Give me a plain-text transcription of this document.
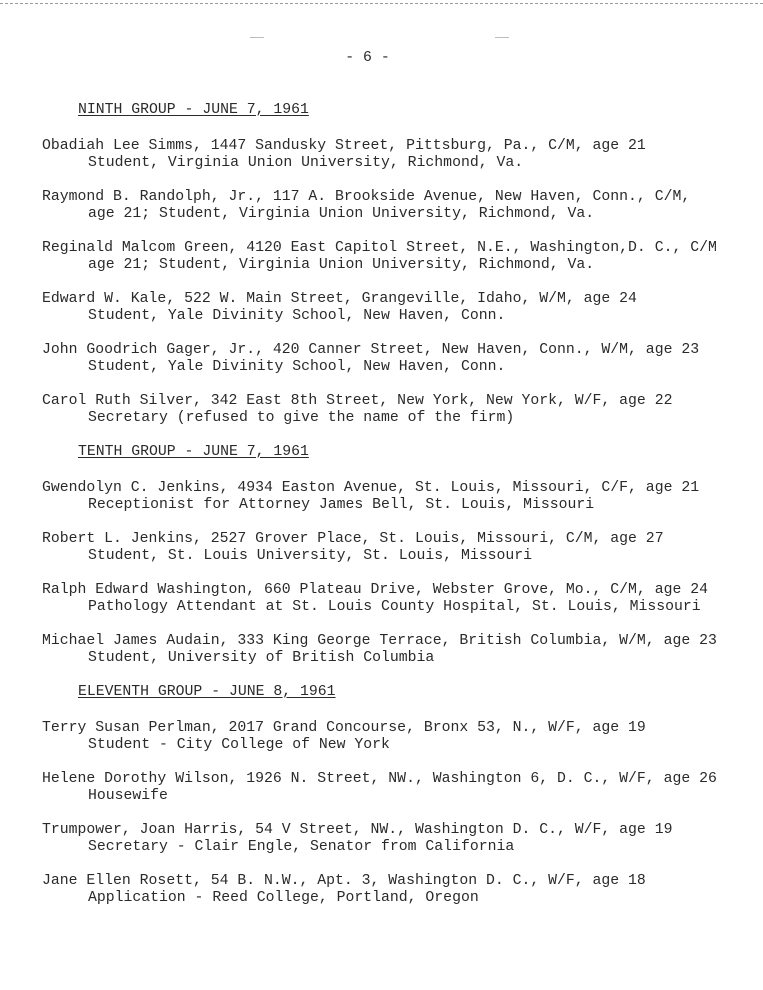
- 6 -
NINTH GROUP - JUNE 7, 1961
Obadiah Lee Simms, 1447 Sandusky Street, Pittsburg, Pa., C/M, age 21
Student, Virginia Union University, Richmond, Va.
Raymond B. Randolph, Jr., 117 A. Brookside Avenue, New Haven, Conn., C/M,
age 21; Student, Virginia Union University, Richmond, Va.
Reginald Malcom Green, 4120 East Capitol Street, N.E., Washington,D. C., C/M
age 21; Student, Virginia Union University, Richmond, Va.
Edward W. Kale, 522 W. Main Street, Grangeville, Idaho, W/M, age 24
Student, Yale Divinity School, New Haven, Conn.
John Goodrich Gager, Jr., 420 Canner Street, New Haven, Conn., W/M, age 23
Student, Yale Divinity School, New Haven, Conn.
Carol Ruth Silver, 342 East 8th Street, New York, New York, W/F, age 22
Secretary (refused to give the name of the firm)
TENTH GROUP - JUNE 7, 1961
Gwendolyn C. Jenkins, 4934 Easton Avenue, St. Louis, Missouri, C/F, age 21
Receptionist for Attorney James Bell, St. Louis, Missouri
Robert L. Jenkins, 2527 Grover Place, St. Louis, Missouri, C/M, age 27
Student, St. Louis University, St. Louis, Missouri
Ralph Edward Washington, 660 Plateau Drive, Webster Grove, Mo., C/M, age 24
Pathology Attendant at St. Louis County Hospital, St. Louis, Missouri
Michael James Audain, 333 King George Terrace, British Columbia, W/M, age 23
Student, University of British Columbia
ELEVENTH GROUP - JUNE 8, 1961
Terry Susan Perlman, 2017 Grand Concourse, Bronx 53, N., W/F, age 19
Student - City College of New York
Helene Dorothy Wilson, 1926 N. Street, NW., Washington 6, D. C., W/F, age 26
Housewife
Trumpower, Joan Harris, 54 V Street, NW., Washington D. C., W/F, age 19
Secretary - Clair Engle, Senator from California
Jane Ellen Rosett, 54 B. N.W., Apt. 3, Washington D. C., W/F, age 18
Application - Reed College, Portland, Oregon
